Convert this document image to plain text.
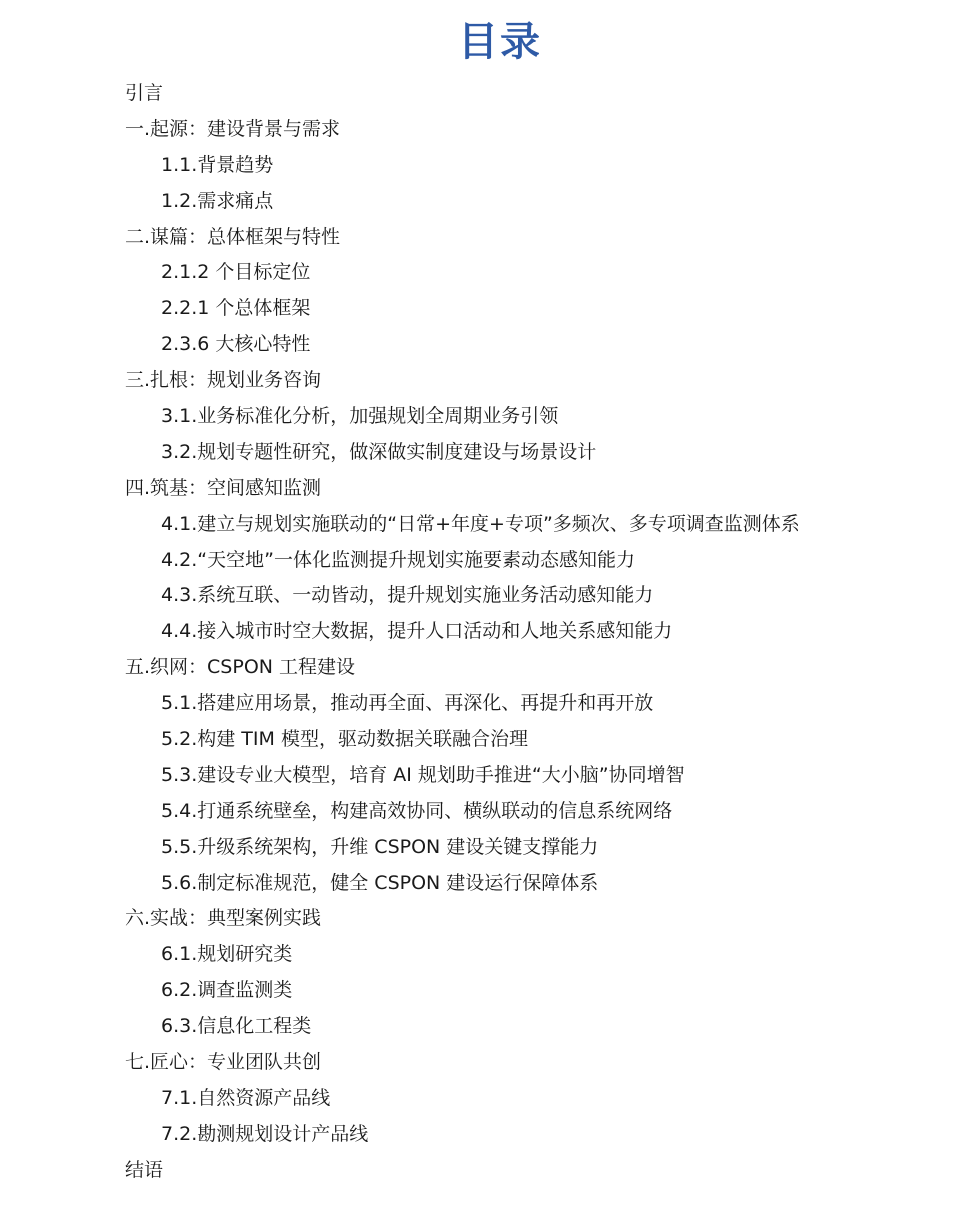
目录
引言
一.起源：建设背景与需求
1.1.背景趋势
1.2.需求痛点
二.谋篇：总体框架与特性
2.1.2 个目标定位
2.2.1 个总体框架
2.3.6 大核心特性
三.扎根：规划业务咨询
3.1.业务标准化分析，加强规划全周期业务引领
3.2.规划专题性研究，做深做实制度建设与场景设计
四.筑基：空间感知监测
4.1.建立与规划实施联动的“日常+年度+专项”多频次、多专项调查监测体系
4.2.“天空地”一体化监测提升规划实施要素动态感知能力
4.3.系统互联、一动皆动，提升规划实施业务活动感知能力
4.4.接入城市时空大数据，提升人口活动和人地关系感知能力
五.织网：CSPON 工程建设
5.1.搭建应用场景，推动再全面、再深化、再提升和再开放
5.2.构建 TIM 模型，驱动数据关联融合治理
5.3.建设专业大模型，培育 AI 规划助手推进“大小脑”协同增智
5.4.打通系统壁垒，构建高效协同、横纵联动的信息系统网络
5.5.升级系统架构，升维 CSPON 建设关键支撑能力
5.6.制定标准规范，健全 CSPON 建设运行保障体系
六.实战：典型案例实践
6.1.规划研究类
6.2.调查监测类
6.3.信息化工程类
七.匠心：专业团队共创
7.1.自然资源产品线
7.2.勘测规划设计产品线
结语
